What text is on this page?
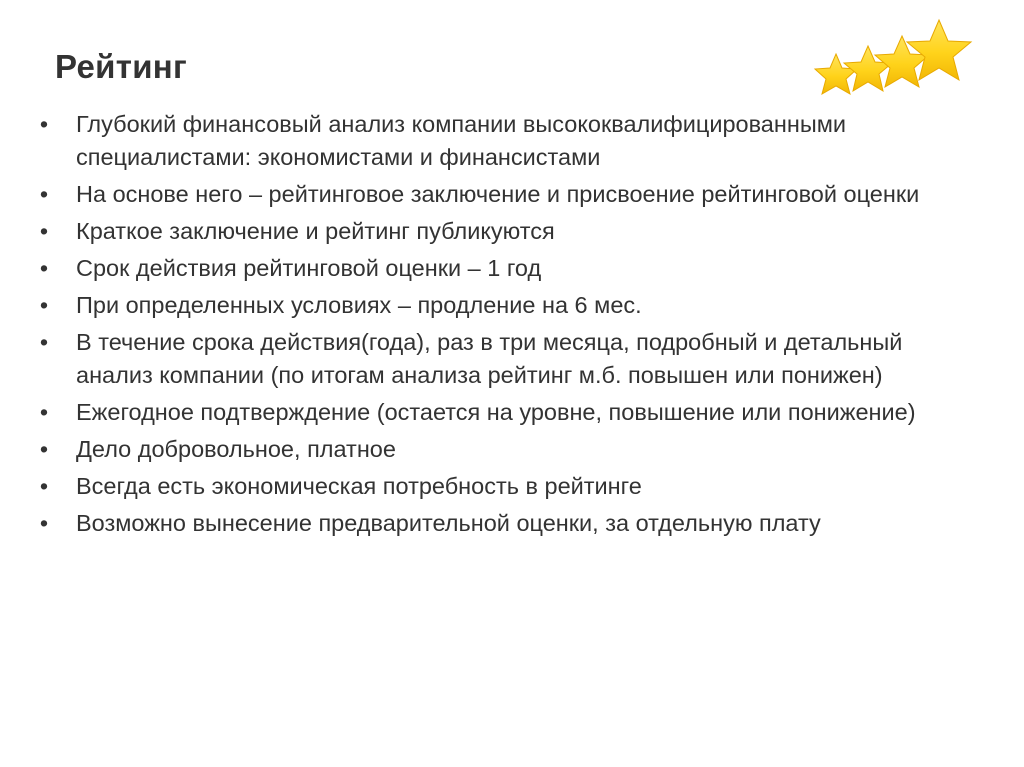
Рейтинг
• Глубокий финансовый анализ компании высококвалифицированными специалистами: экономистами и финансистами
• На основе него – рейтинговое заключение и присвоение рейтинговой оценки
• Краткое заключение и рейтинг публикуются
• Срок действия рейтинговой оценки – 1 год
• При определенных условиях – продление на 6 мес.
• В течение срока действия(года), раз в три месяца, подробный и детальный анализ компании (по итогам анализа рейтинг м.б. повышен или понижен)
• Ежегодное подтверждение (остается на уровне, повышение или понижение)
• Дело добровольное, платное
• Всегда есть экономическая потребность в рейтинге
• Возможно вынесение предварительной оценки, за отдельную плату
